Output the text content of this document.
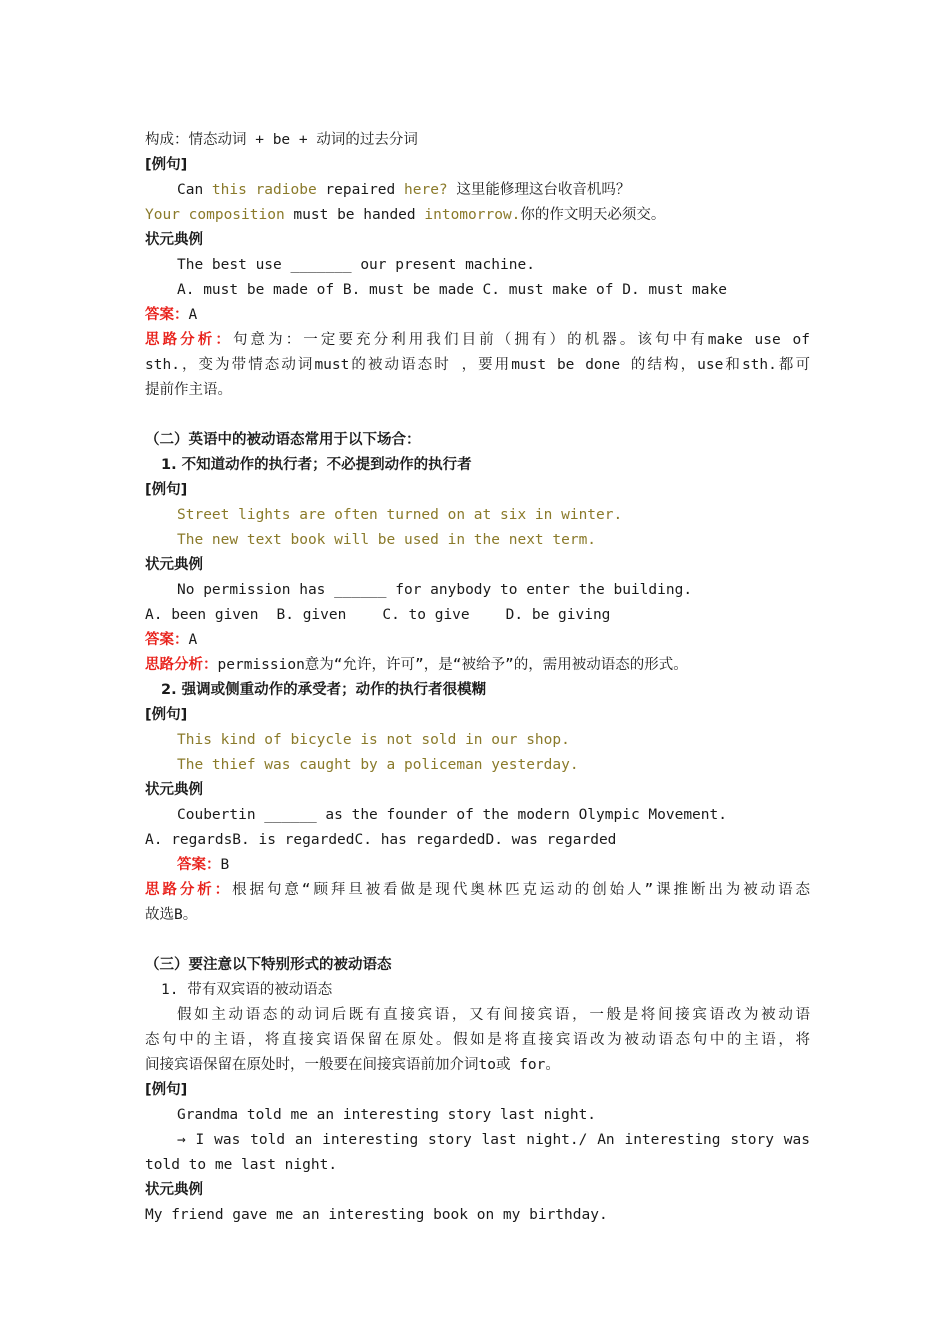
构成：情态动词 + be + 动词的过去分词
[例句]
Can this radiobe repaired here? 这里能修理这台收音机吗？
Your composition must be handed intomorrow.你的作文明天必须交。
状元典例
The best use _______ our present machine.
A. must be made of B. must be made C. must make of D. must make
答案：A
思路分析：句意为：一定要充分利用我们目前（拥有）的机器。该句中有make use of
sth.，变为带情态动词must的被动语态时 ，要用must be done 的结构，use和sth.都可
提前作主语。
（二）英语中的被动语态常用于以下场合：
1. 不知道动作的执行者；不必提到动作的执行者
[例句]
Street lights are often turned on at six in winter.
The new text book will be used in the next term.
状元典例
No permission has ______ for anybody to enter the building.
A. been given B. given C. to give D. be giving
答案：A
思路分析：permission意为“允许，许可”，是“被给予”的，需用被动语态的形式。
2. 强调或侧重动作的承受者；动作的执行者很模糊
[例句]
This kind of bicycle is not sold in our shop.
The thief was caught by a policeman yesterday.
状元典例
Coubertin ______ as the founder of the modern Olympic Movement.
A. regardsB. is regardedC. has regardedD. was regarded
答案：B
思路分析：根据句意“顾拜旦被看做是现代奥林匹克运动的创始人”课推断出为被动语态
故选B。
（三）要注意以下特别形式的被动语态
1. 带有双宾语的被动语态
假如主动语态的动词后既有直接宾语，又有间接宾语，一般是将间接宾语改为被动语
态句中的主语，将直接宾语保留在原处。假如是将直接宾语改为被动语态句中的主语，将
间接宾语保留在原处时，一般要在间接宾语前加介词to或 for。
[例句]
Grandma told me an interesting story last night.
→ I was told an interesting story last night./ An interesting story was
told to me last night.
状元典例
My friend gave me an interesting book on my birthday.
